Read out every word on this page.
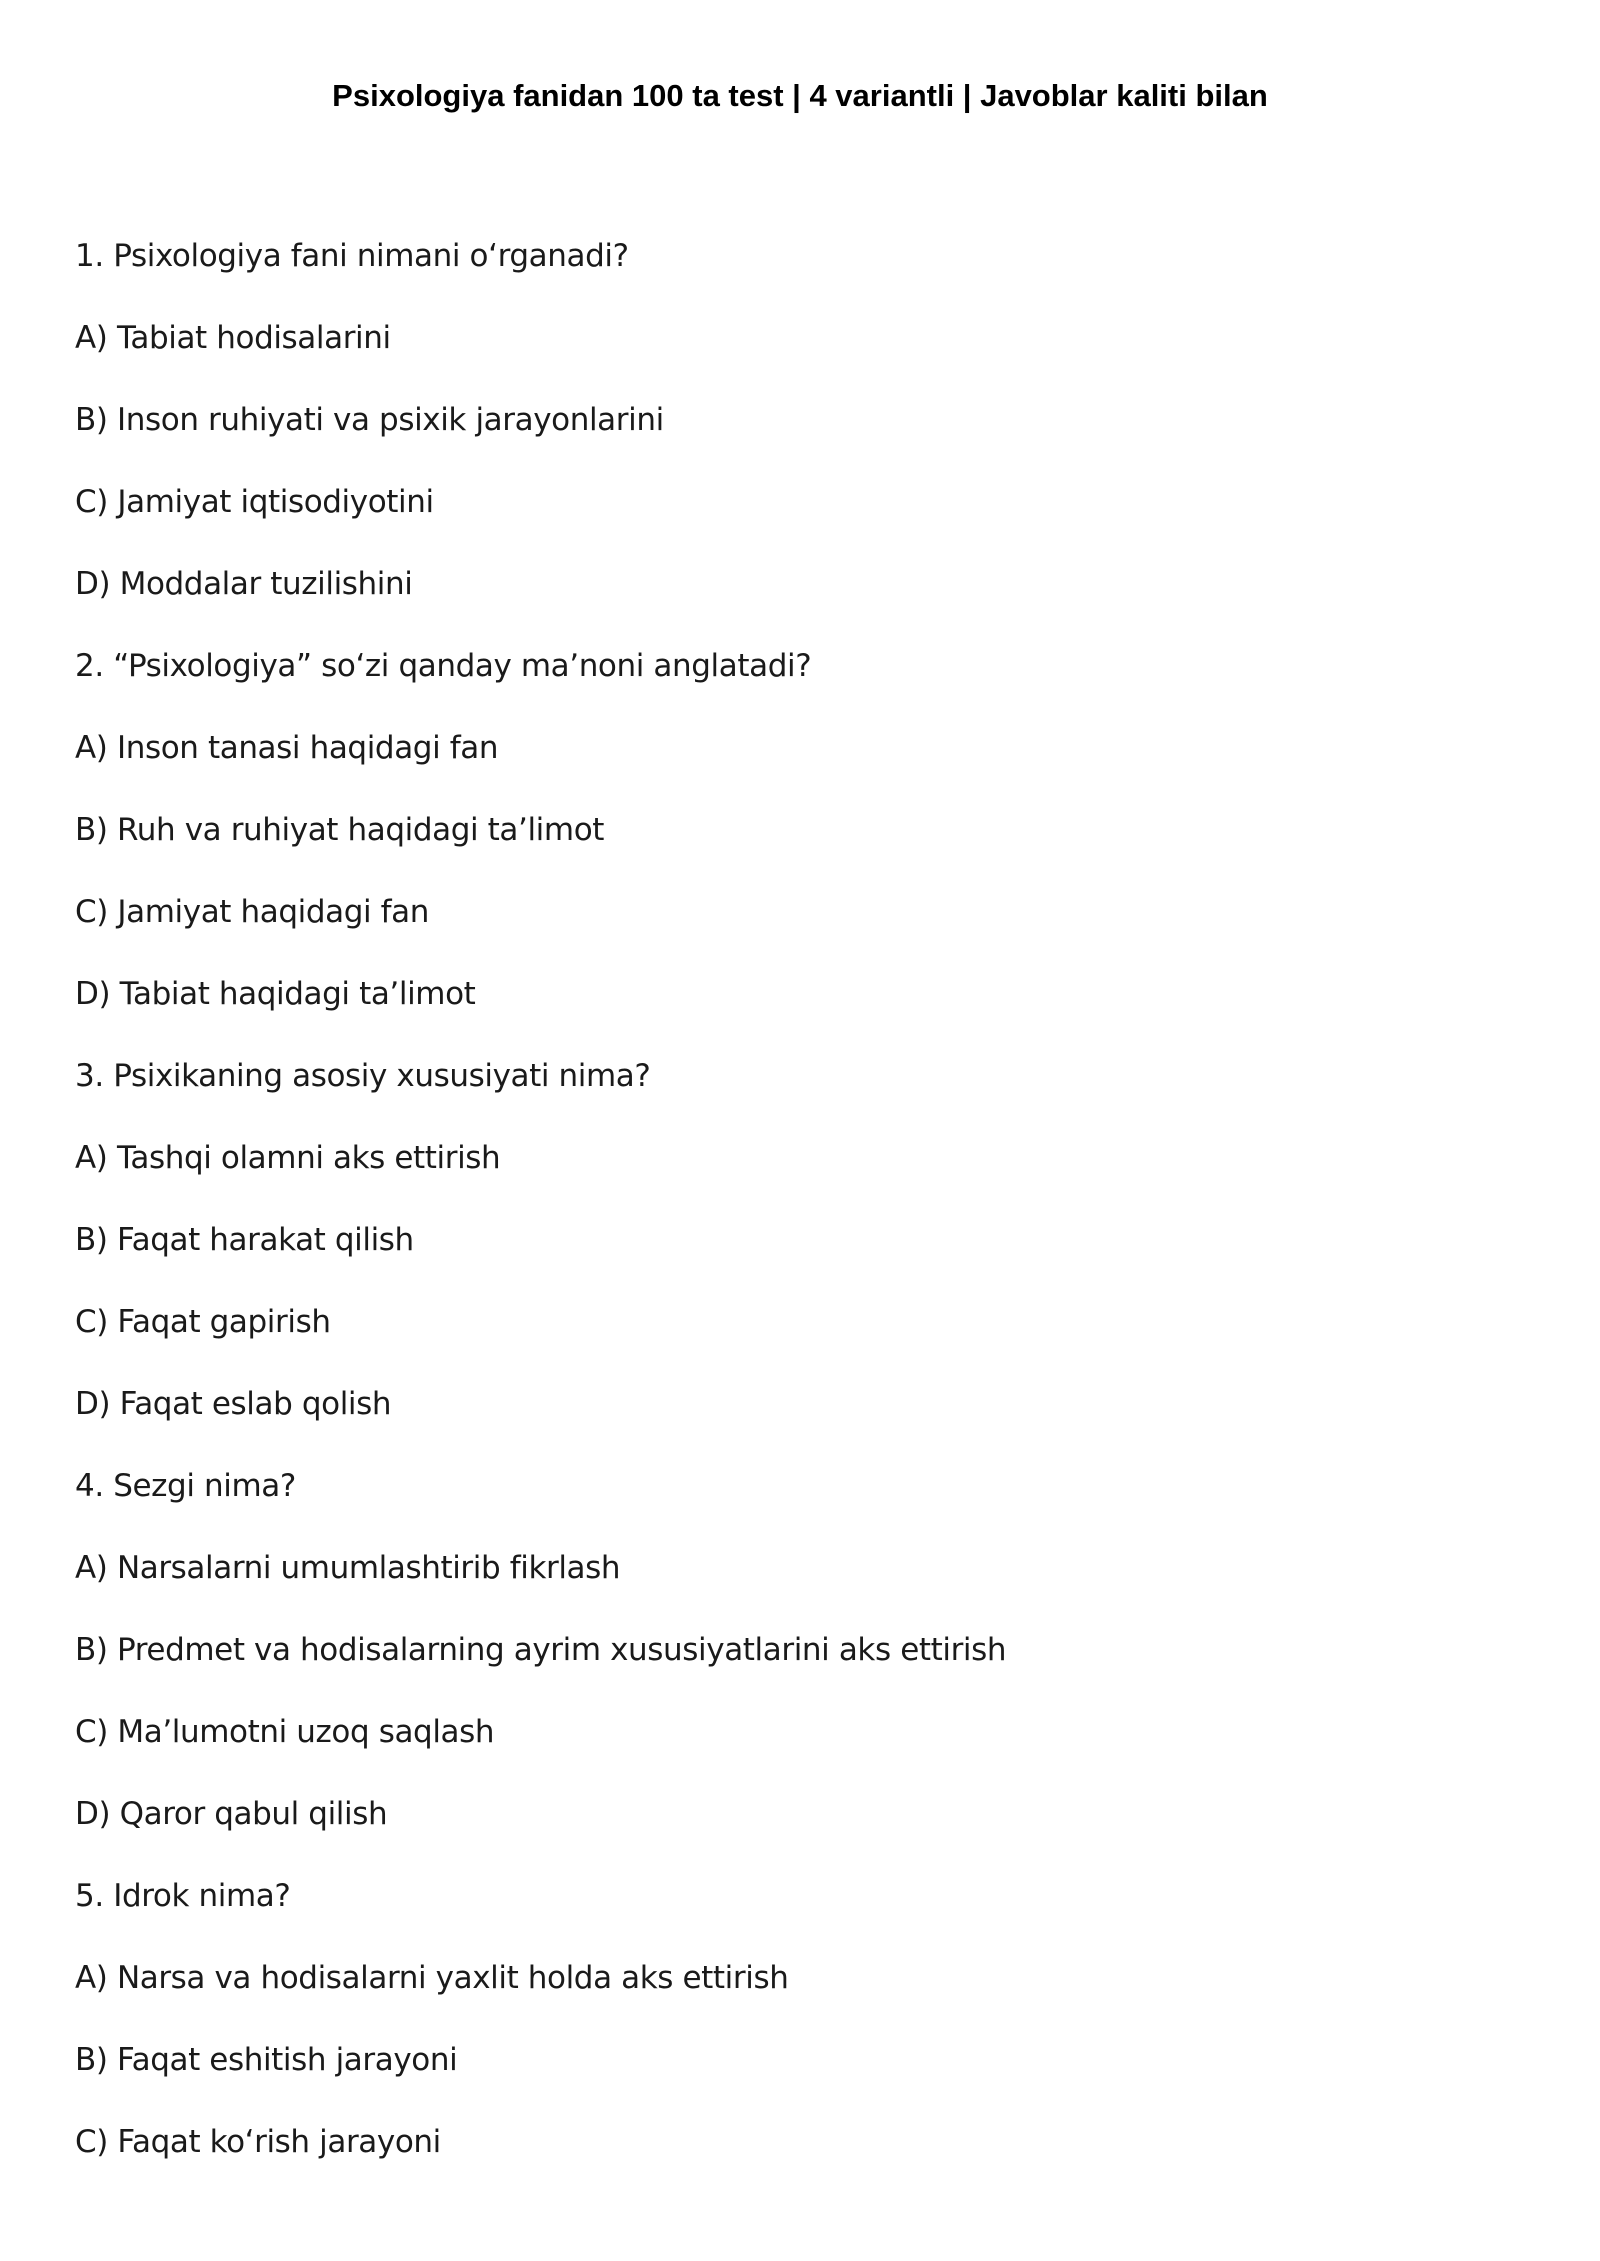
Psixologiya fanidan 100 ta test | 4 variantli | Javoblar kaliti bilan
1. Psixologiya fani nimani o‘rganadi?
A) Tabiat hodisalarini
B) Inson ruhiyati va psixik jarayonlarini
C) Jamiyat iqtisodiyotini
D) Moddalar tuzilishini
2. “Psixologiya” so‘zi qanday ma’noni anglatadi?
A) Inson tanasi haqidagi fan
B) Ruh va ruhiyat haqidagi ta’limot
C) Jamiyat haqidagi fan
D) Tabiat haqidagi ta’limot
3. Psixikaning asosiy xususiyati nima?
A) Tashqi olamni aks ettirish
B) Faqat harakat qilish
C) Faqat gapirish
D) Faqat eslab qolish
4. Sezgi nima?
A) Narsalarni umumlashtirib fikrlash
B) Predmet va hodisalarning ayrim xususiyatlarini aks ettirish
C) Ma’lumotni uzoq saqlash
D) Qaror qabul qilish
5. Idrok nima?
A) Narsa va hodisalarni yaxlit holda aks ettirish
B) Faqat eshitish jarayoni
C) Faqat ko‘rish jarayoni
